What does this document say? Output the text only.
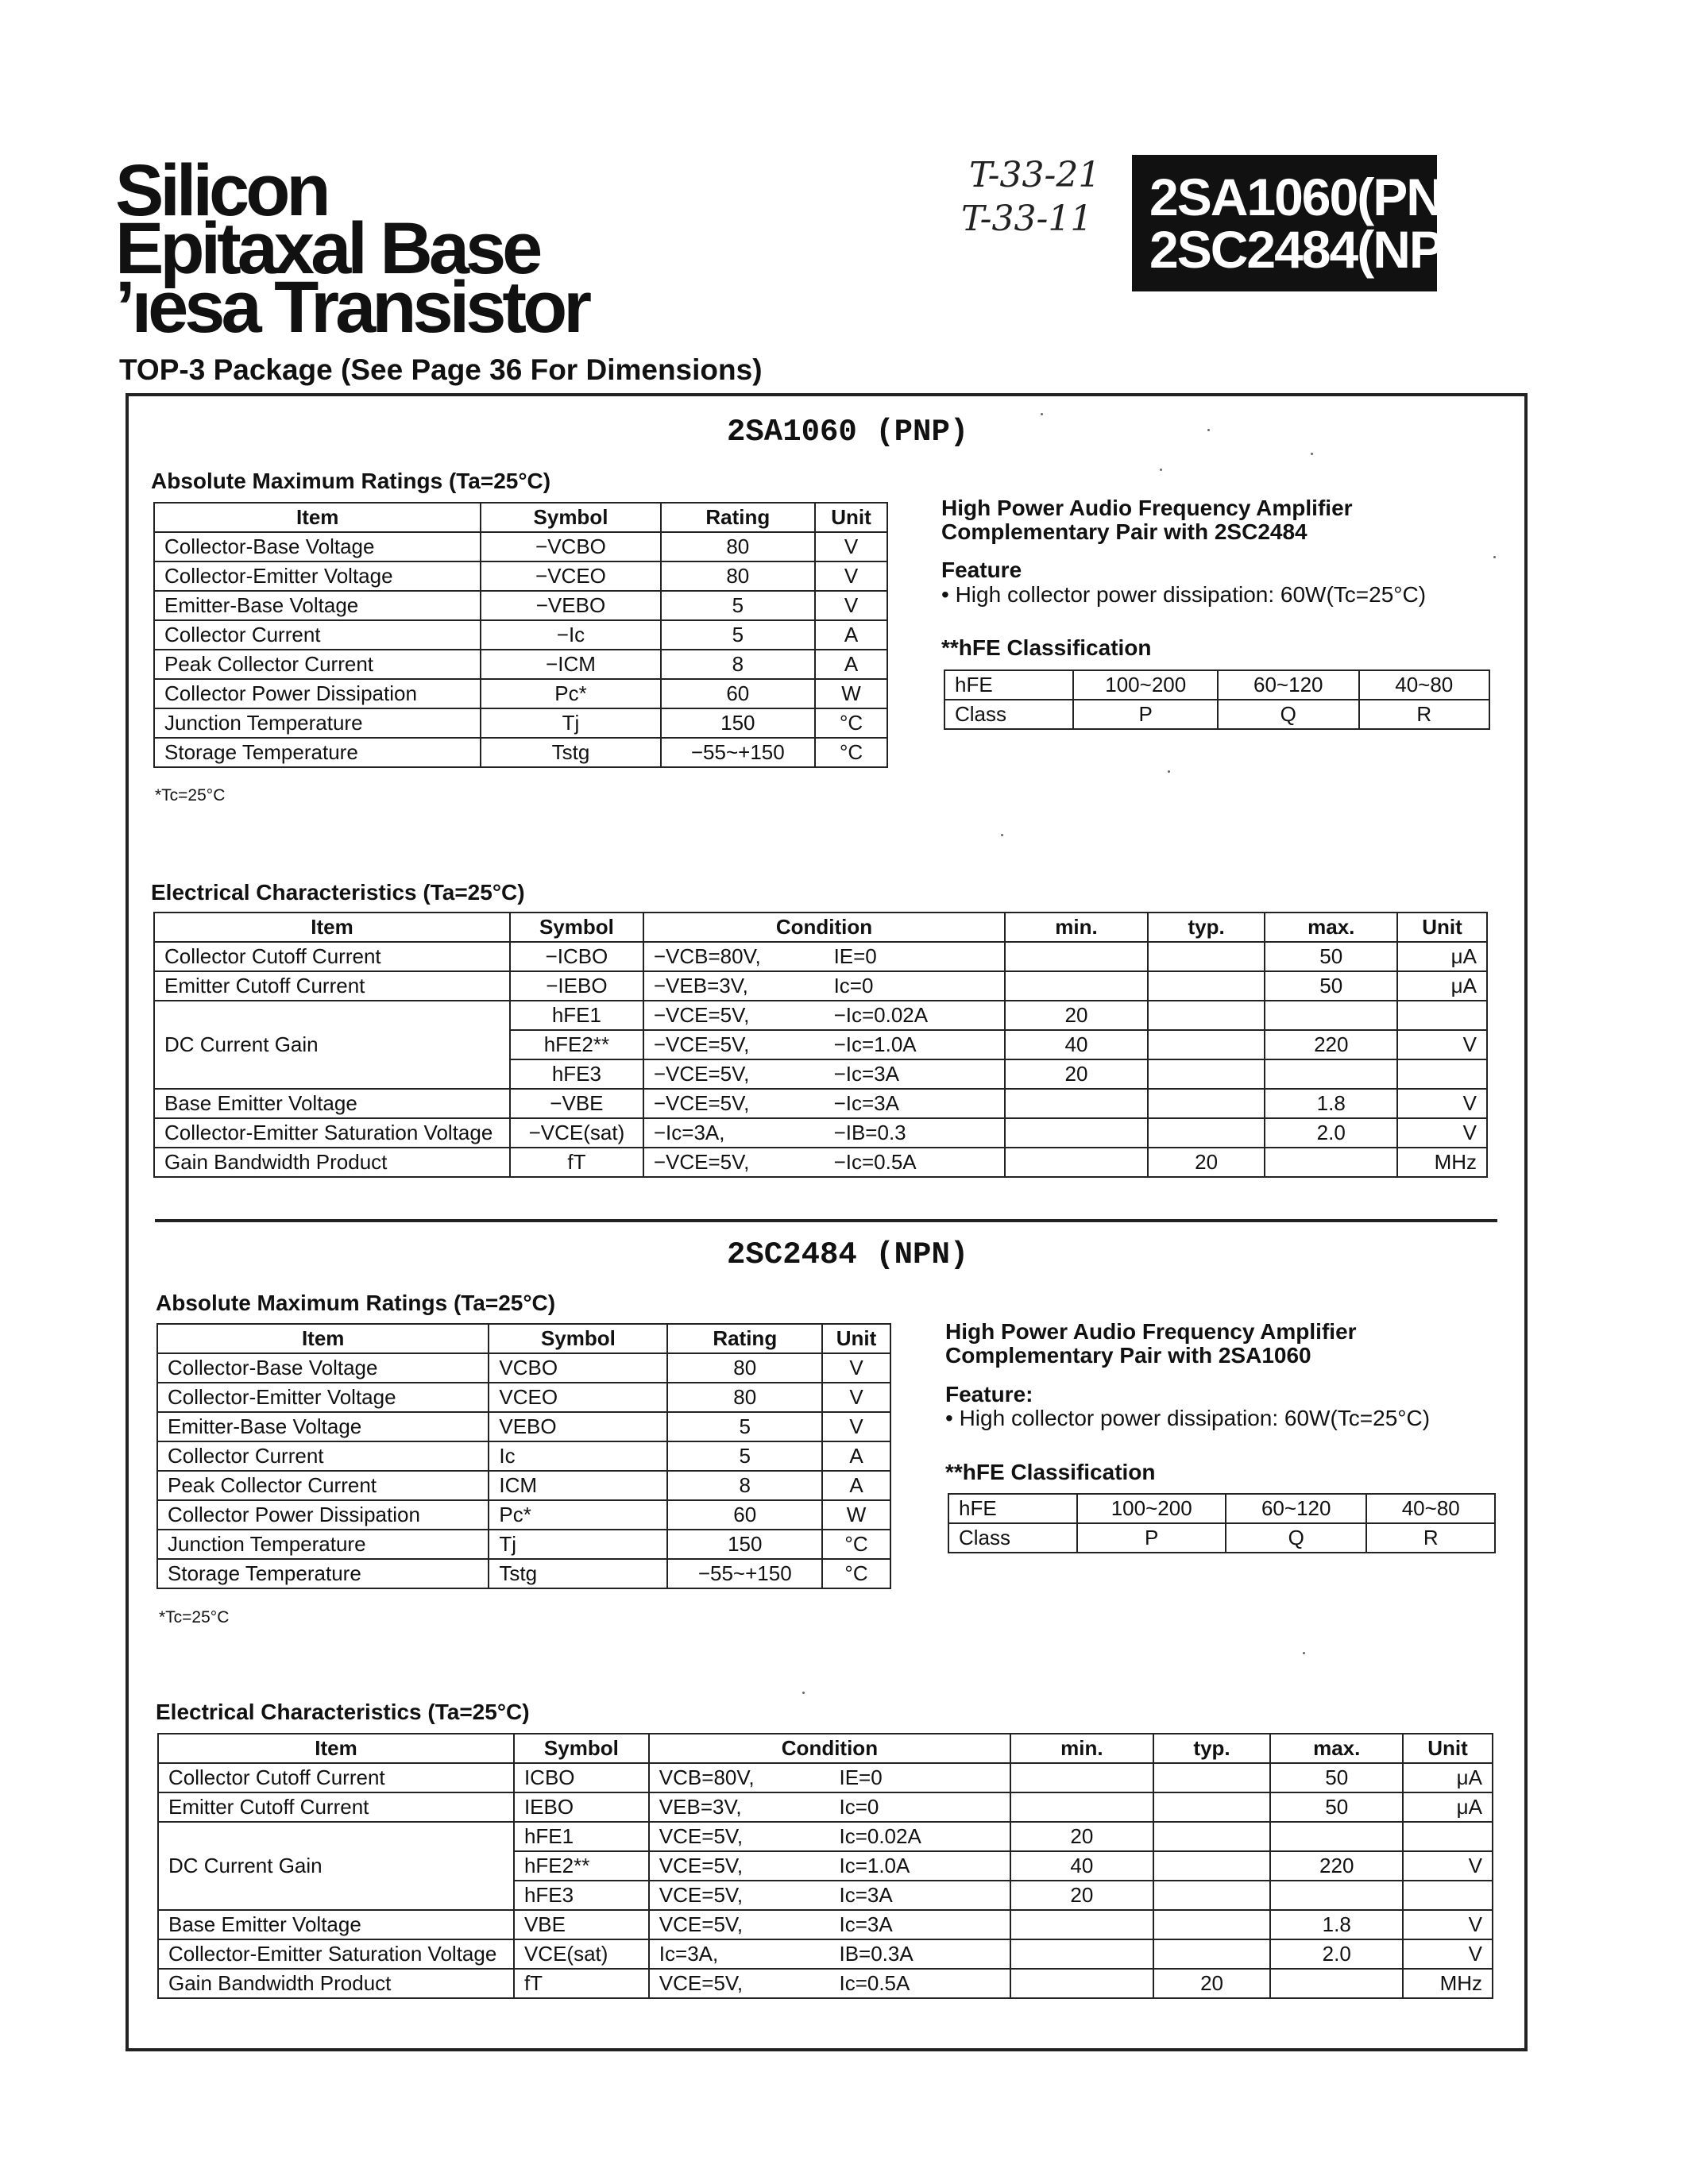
Silicon
Epitaxal Base
ʼıesa Transistor
TOP-3 Package (See Page 36 For Dimensions)
T-33-21
T-33-11 2SA1060(PNP)
2SC2484(NPN)
2SA1060 (PNP)
Absolute Maximum Ratings (Ta=25°C)
Item	Symbol	Rating	Unit
Collector-Base Voltage	−VCBO	80	V
Collector-Emitter Voltage	−VCEO	80	V
Emitter-Base Voltage	−VEBO	5	V
Collector Current	−Ic	5	A
Peak Collector Current	−ICM	8	A
Collector Power Dissipation	Pc*	60	W
Junction Temperature	Tj	150	°C
Storage Temperature	Tstg	−55~+150	°C
*Tc=25°C
High Power Audio Frequency Amplifier
Complementary Pair with 2SC2484
Feature
• High collector power dissipation: 60W(Tc=25°C)
**hFE Classification
hFE	100~200	60~120	40~80
Class	P	Q	R
Electrical Characteristics (Ta=25°C)
Item	Symbol	Condition		min.	typ.	max.	Unit
Collector Cutoff Current	−ICBO	−VCB=80V,	IE=0			50	μA
Emitter Cutoff Current	−IEBO	−VEB=3V,	Ic=0			50	μA
DC Current Gain	hFE1	−VCE=5V,	−Ic=0.02A	20			
	hFE2**	−VCE=5V,	−Ic=1.0A	40		220	V
	hFE3	−VCE=5V,	−Ic=3A	20			
Base Emitter Voltage	−VBE	−VCE=5V,	−Ic=3A			1.8	V
Collector-Emitter Saturation Voltage	−VCE(sat)	−Ic=3A,	−IB=0.3			2.0	V
Gain Bandwidth Product	fT	−VCE=5V,	−Ic=0.5A		20		MHz
2SC2484 (NPN)
Absolute Maximum Ratings (Ta=25°C)
Item	Symbol	Rating	Unit
Collector-Base Voltage	VCBO	80	V
Collector-Emitter Voltage	VCEO	80	V
Emitter-Base Voltage	VEBO	5	V
Collector Current	Ic	5	A
Peak Collector Current	ICM	8	A
Collector Power Dissipation	Pc*	60	W
Junction Temperature	Tj	150	°C
Storage Temperature	Tstg	−55~+150	°C
*Tc=25°C
High Power Audio Frequency Amplifier
Complementary Pair with 2SA1060
Feature:
• High collector power dissipation: 60W(Tc=25°C)
**hFE Classification
hFE	100~200	60~120	40~80
Class	P	Q	R
Electrical Characteristics (Ta=25°C)
Item	Symbol	Condition		min.	typ.	max.	Unit
Collector Cutoff Current	ICBO	VCB=80V,	IE=0			50	μA
Emitter Cutoff Current	IEBO	VEB=3V,	Ic=0			50	μA
DC Current Gain	hFE1	VCE=5V,	Ic=0.02A	20			
	hFE2**	VCE=5V,	Ic=1.0A	40		220	V
	hFE3	VCE=5V,	Ic=3A	20			
Base Emitter Voltage	VBE	VCE=5V,	Ic=3A			1.8	V
Collector-Emitter Saturation Voltage	VCE(sat)	Ic=3A,	IB=0.3A			2.0	V
Gain Bandwidth Product	fT	VCE=5V,	Ic=0.5A		20		MHz
